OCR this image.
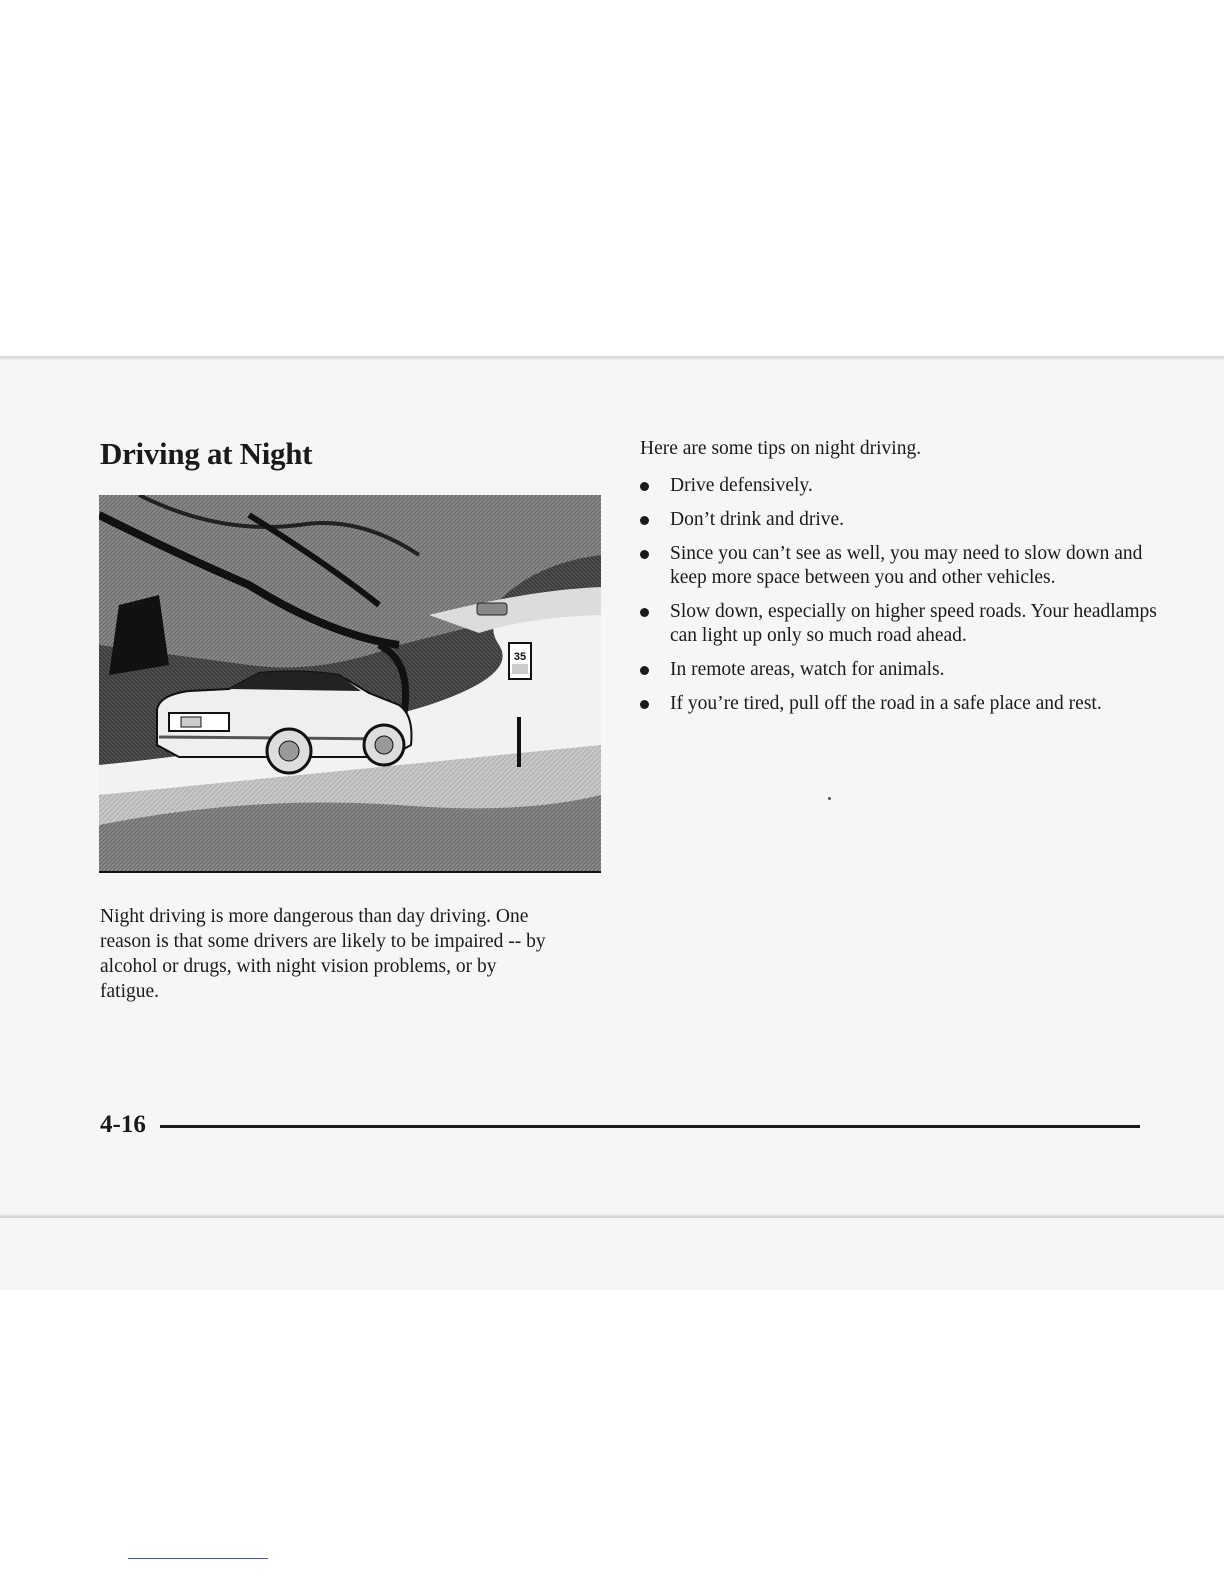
Driving at Night
35

Night driving is more dangerous than day driving. One reason is that some drivers are likely to be impaired -- by alcohol or drugs, with night vision problems, or by fatigue.

Here are some tips on night driving.

Drive defensively.
Don’t drink and drive.
Since you can’t see as well, you may need to slow down and keep more space between you and other vehicles.
Slow down, especially on higher speed roads. Your headlamps can light up only so much road ahead.
In remote areas, watch for animals.
If you’re tired, pull off the road in a safe place and rest.
4-16
